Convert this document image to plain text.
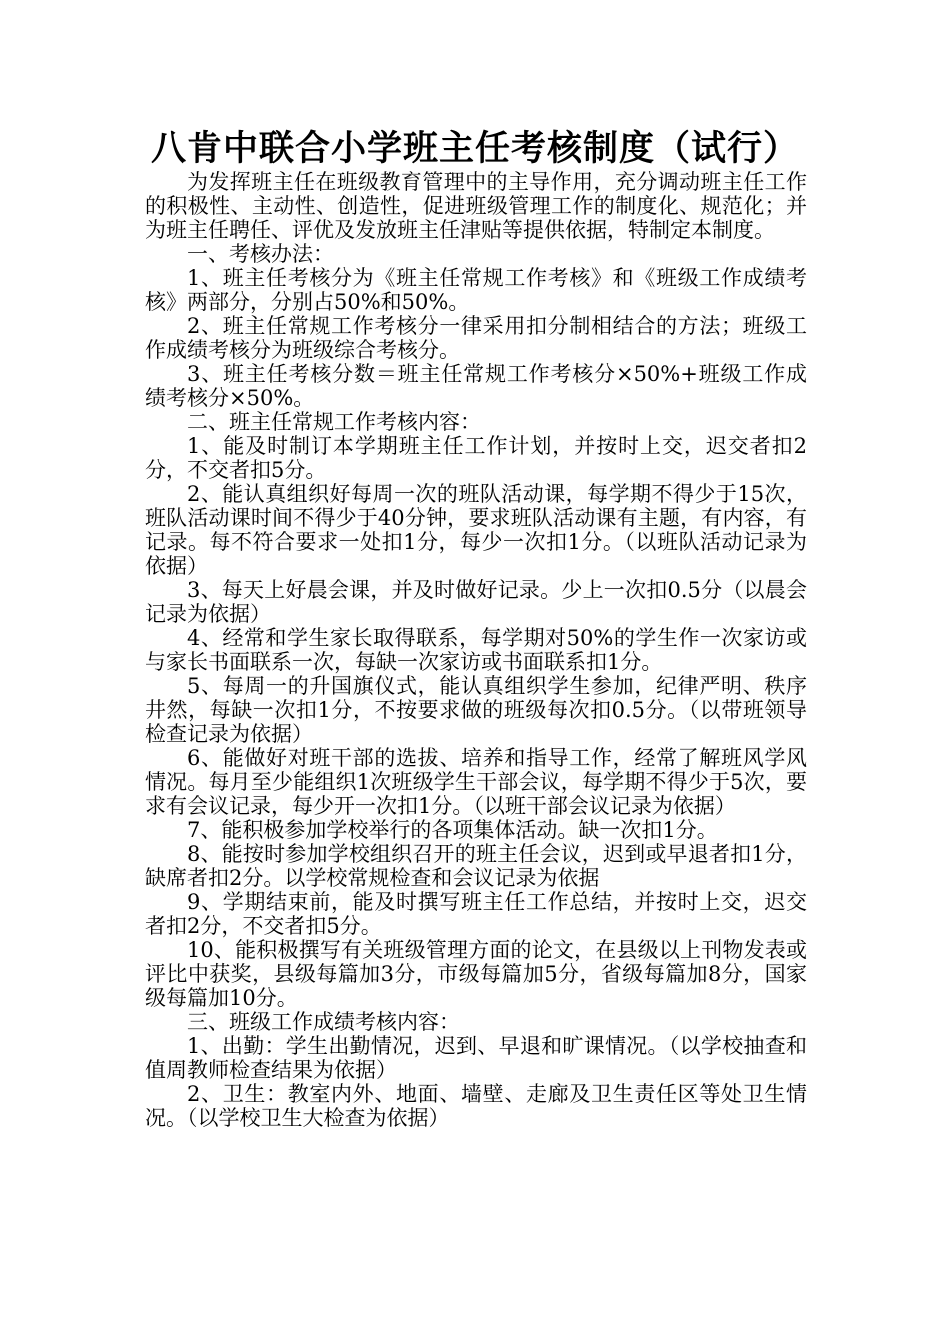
八肯中联合小学班主任考核制度（试行）

为发挥班主任在班级教育管理中的主导作用，充分调动班主任工作的积极性、主动性、创造性，促进班级管理工作的制度化、规范化；并为班主任聘任、评优及发放班主任津贴等提供依据，特制定本制度。

一、考核办法：

1、班主任考核分为《班主任常规工作考核》和《班级工作成绩考核》两部分，分别占50%和50%。

2、班主任常规工作考核分一律采用扣分制相结合的方法；班级工作成绩考核分为班级综合考核分。

3、班主任考核分数＝班主任常规工作考核分×50%+班级工作成绩考核分×50%。

二、班主任常规工作考核内容：

1、能及时制订本学期班主任工作计划，并按时上交，迟交者扣2分，不交者扣5分。

2、能认真组织好每周一次的班队活动课，每学期不得少于15次，班队活动课时间不得少于40分钟，要求班队活动课有主题，有内容，有记录。每不符合要求一处扣1分，每少一次扣1分。（以班队活动记录为依据）

3、每天上好晨会课，并及时做好记录。少上一次扣0.5分（以晨会记录为依据）

4、经常和学生家长取得联系，每学期对50%的学生作一次家访或与家长书面联系一次，每缺一次家访或书面联系扣1分。

5、每周一的升国旗仪式，能认真组织学生参加，纪律严明、秩序井然，每缺一次扣1分，不按要求做的班级每次扣0.5分。（以带班领导检查记录为依据）

6、能做好对班干部的选拔、培养和指导工作，经常了解班风学风情况。每月至少能组织1次班级学生干部会议，每学期不得少于5次，要求有会议记录，每少开一次扣1分。（以班干部会议记录为依据）

7、能积极参加学校举行的各项集体活动。缺一次扣1分。

8、能按时参加学校组织召开的班主任会议，迟到或早退者扣1分，缺席者扣2分。以学校常规检查和会议记录为依据

9、学期结束前，能及时撰写班主任工作总结，并按时上交，迟交者扣2分，不交者扣5分。

10、能积极撰写有关班级管理方面的论文，在县级以上刊物发表或评比中获奖，县级每篇加3分，市级每篇加5分，省级每篇加8分，国家级每篇加10分。

三、班级工作成绩考核内容：

1、出勤：学生出勤情况，迟到、早退和旷课情况。（以学校抽查和值周教师检查结果为依据）

2、卫生：教室内外、地面、墙壁、走廊及卫生责任区等处卫生情况。（以学校卫生大检查为依据）
